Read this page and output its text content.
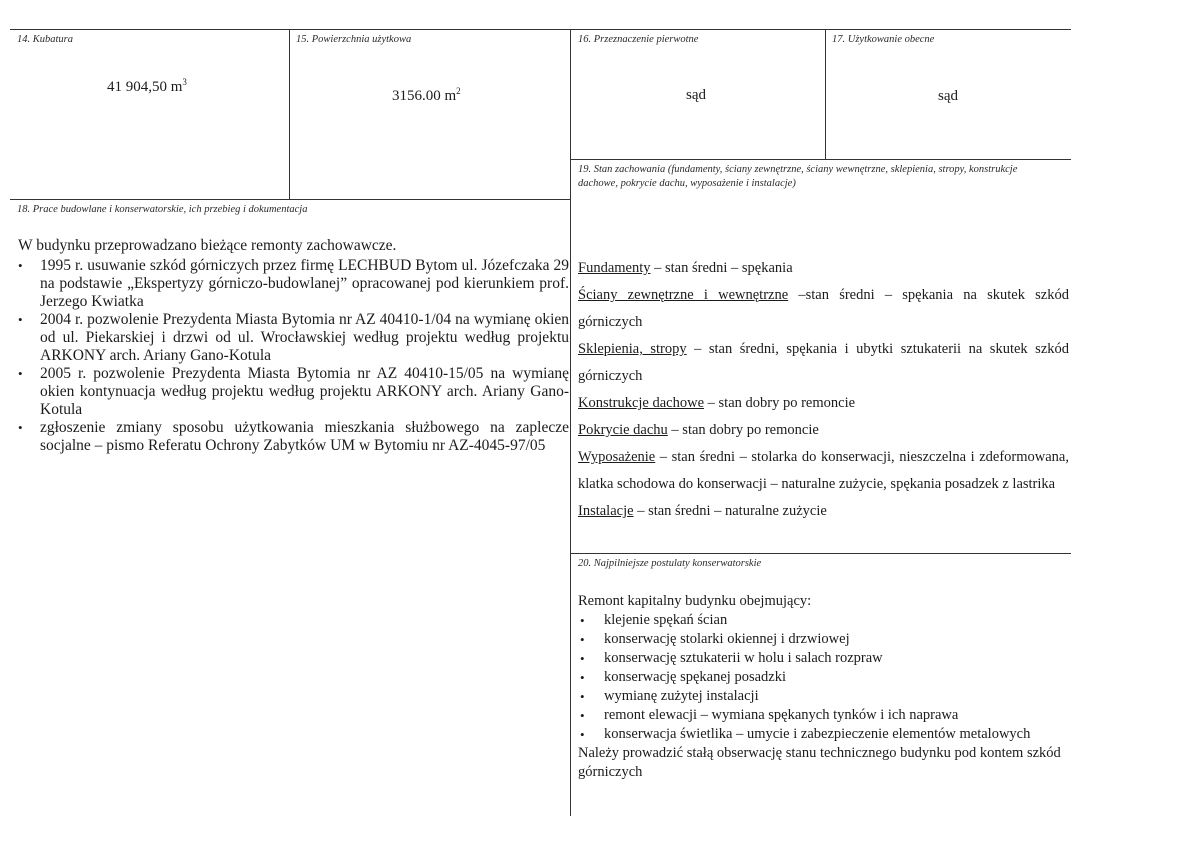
14. Kubatura
41 904,50 $m^3$
15. Powierzchnia użytkowa
3156.00 $m^2$
16. Przeznaczenie pierwotne
sąd
17. Użytkowanie obecne
sąd
19. Stan zachowania (fundamenty, ściany zewnętrzne, ściany wewnętrzne, sklepienia, stropy, konstrukcje dachowe, pokrycie dachu, wyposażenie i instalacje)
18. Prace budowlane i konserwatorskie, ich przebieg i dokumentacja

W budynku przeprowadzano bieżące remonty zachowawcze.

• 1995 r. usuwanie szkód górniczych przez firmę LECHBUD Bytom ul. Józefczaka 29 na podstawie „Ekspertyzy górniczo-budowlanej” opracowanej pod kierunkiem prof. Jerzego Kwiatka
• 2004 r. pozwolenie Prezydenta Miasta Bytomia nr AZ 40410-1/04 na wymianę okien od ul. Piekarskiej i drzwi od ul. Wrocławskiej według projektu według projektu ARKONY arch. Ariany Gano-Kotula
• 2005 r. pozwolenie Prezydenta Miasta Bytomia nr AZ 40410-15/05 na wymianę okien kontynuacja według projektu według projektu ARKONY arch. Ariany Gano-Kotula
• zgłoszenie zmiany sposobu użytkowania mieszkania służbowego na zaplecze socjalne – pismo Referatu Ochrony Zabytków UM w Bytomiu nr AZ-4045-97/05

Fundamenty – stan średni – spękania

Ściany zewnętrzne i wewnętrzne –stan średni – spękania na skutek szkód górniczych

Sklepienia, stropy – stan średni, spękania i ubytki sztukaterii na skutek szkód górniczych

Konstrukcje dachowe – stan dobry po remoncie

Pokrycie dachu – stan dobry po remoncie

Wyposażenie – stan średni – stolarka do konserwacji, nieszczelna i zdeformowana, klatka schodowa do konserwacji – naturalne zużycie, spękania posadzek z lastrika

Instalacje – stan średni – naturalne zużycie

20. Najpilniejsze postulaty konserwatorskie

Remont kapitalny budynku obejmujący:

• klejenie spękań ścian
• konserwację stolarki okiennej i drzwiowej
• konserwację sztukaterii w holu i salach rozpraw
• konserwację spękanej posadzki
• wymianę zużytej instalacji
• remont elewacji – wymiana spękanych tynków i ich naprawa
• konserwacja świetlika – umycie i zabezpieczenie elementów metalowych

Należy prowadzić stałą obserwację stanu technicznego budynku pod kontem szkód górniczych
